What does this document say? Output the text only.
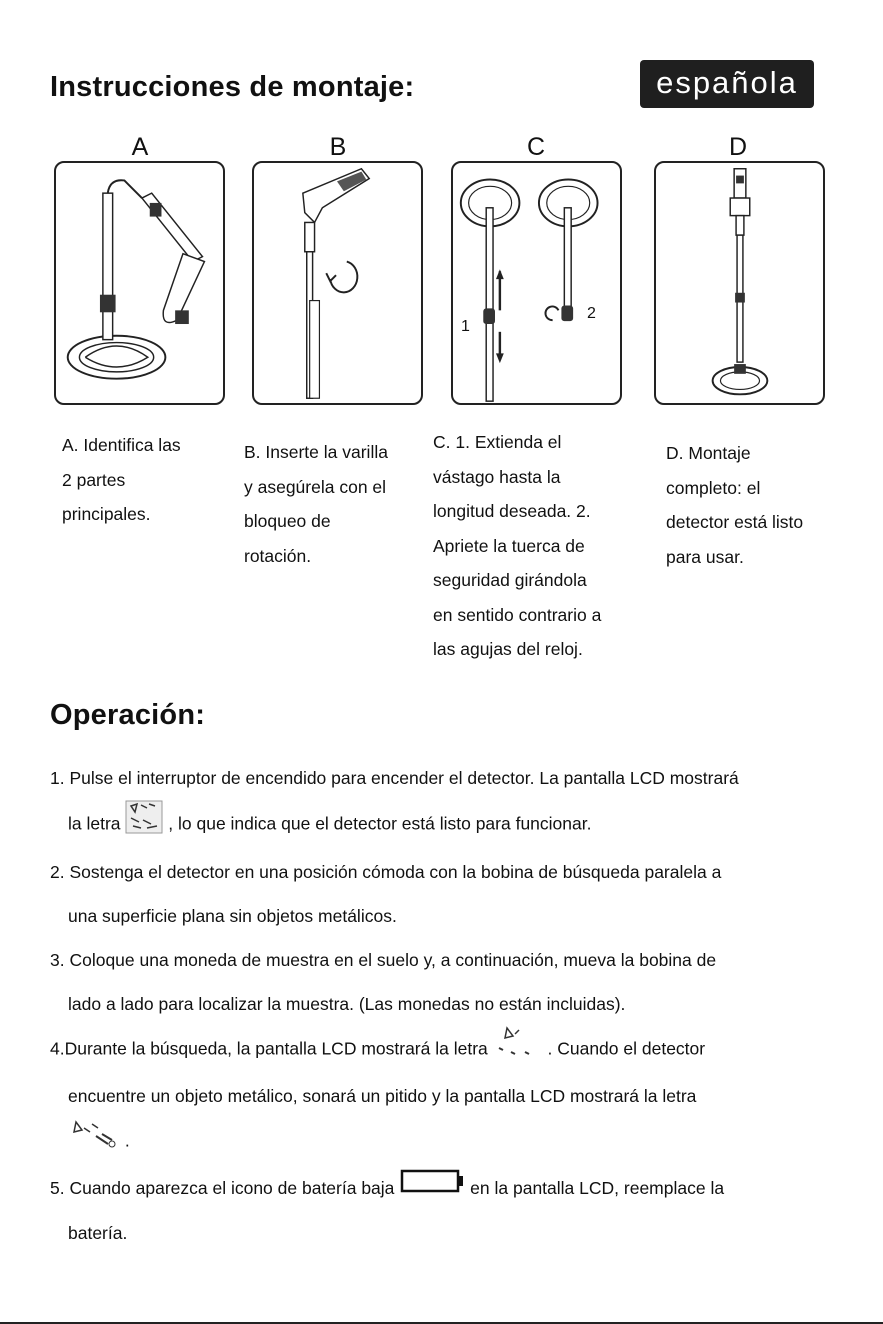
Instrucciones de montaje:	española
A	B	C	D
1
2
A. Identifica las
2 partes
principales.
B. Inserte la varilla
y asegúrela con el
bloqueo de
rotación.
C. 1. Extienda el
vástago hasta la
longitud deseada. 2.
Apriete la tuerca de
seguridad girándola
en sentido contrario a
las agujas del reloj.
D. Montaje
completo: el
detector está listo
para usar.
Operación:

1. Pulse el interruptor de encendido para encender el detector. La pantalla LCD mostrará

la letra	, lo que indica que el detector está listo para funcionar.

2. Sostenga el detector en una posición cómoda con la bobina de búsqueda paralela a

una superficie plana sin objetos metálicos.

3. Coloque una moneda de muestra en el suelo y, a continuación, mueva la bobina de

lado a lado para localizar la muestra. (Las monedas no están incluidas).

4.Durante la búsqueda, la pantalla LCD mostrará la letra	. Cuando el detector

encuentre un objeto metálico, sonará un pitido y la pantalla LCD mostrará la letra

.

5. Cuando aparezca el icono de batería baja	en la pantalla LCD, reemplace la

batería.
